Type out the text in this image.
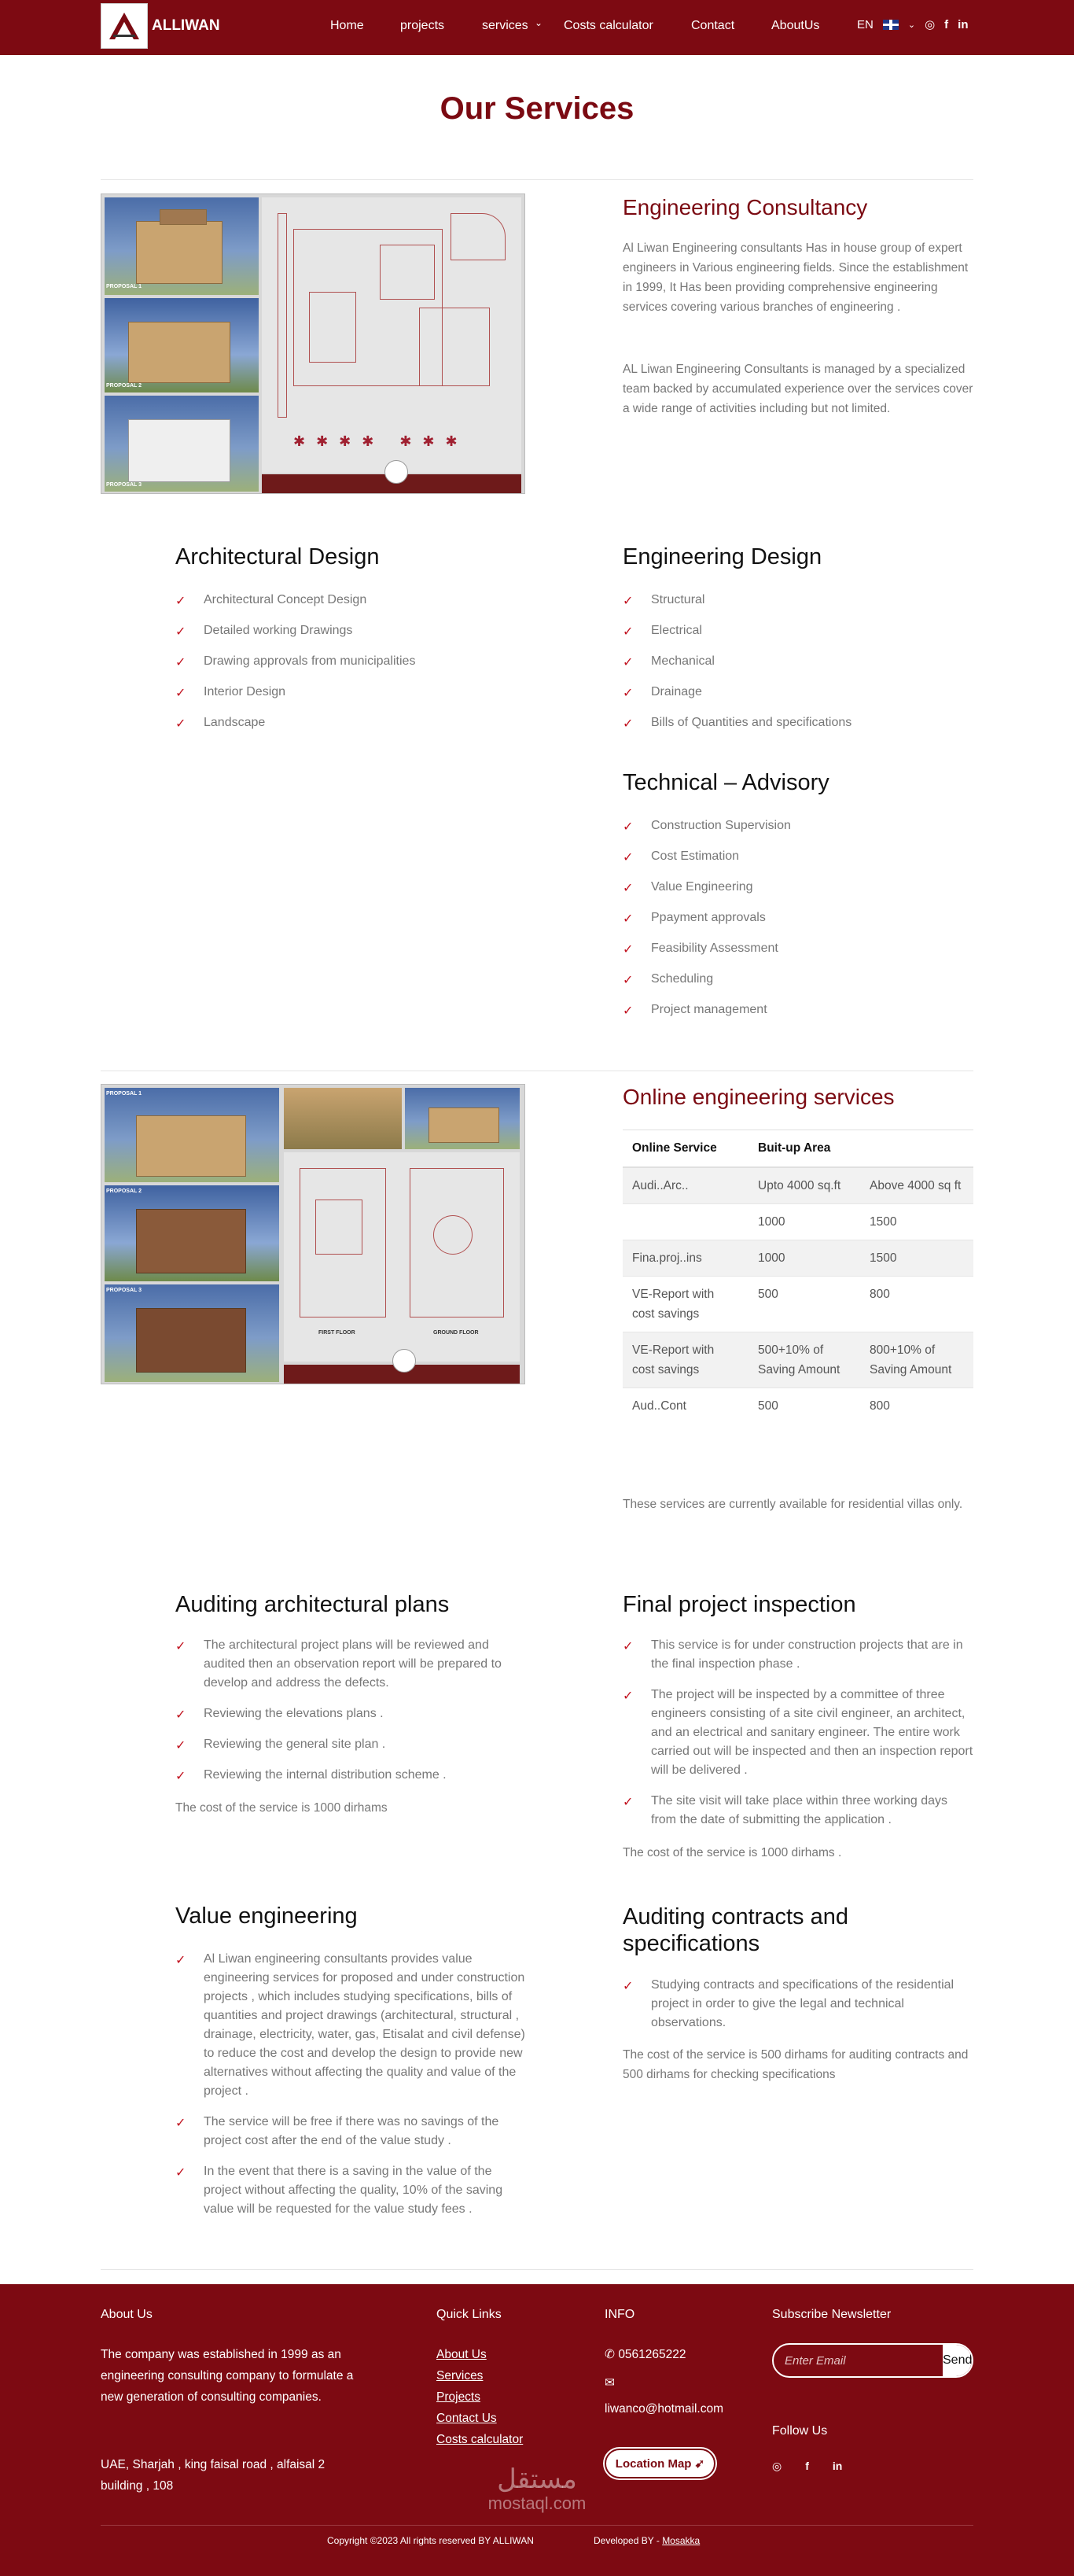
ALLIWAN	Home	projects	services ⌄ Costs calculator	Contact	AboutUs	EN	⌄ ◎ f in
Our Services
PROPOSAL 1
PROPOSAL 2
PROPOSAL 3
✱✱✱✱ ✱✱✱
Engineering Consultancy
Al Liwan Engineering consultants Has in house group of expert engineers in Various engineering fields. Since the establishment in 1999, It Has been providing comprehensive engineering services covering various branches of engineering .
AL Liwan Engineering Consultants is managed by a specialized team backed by accumulated experience over the services cover a wide range of activities including but not limited.
Architectural Design
✓ Architectural Concept Design
✓ Detailed working Drawings
✓ Drawing approvals from municipalities
✓ Interior Design
✓ Landscape
Engineering Design
✓ Structural
✓ Electrical
✓ Mechanical
✓ Drainage
✓ Bills of Quantities and specifications
Technical – Advisory
✓ Construction Supervision
✓ Cost Estimation
✓ Value Engineering
✓ Ppayment approvals
✓ Feasibility Assessment
✓ Scheduling
✓ Project management
PROPOSAL 1
PROPOSAL 2
PROPOSAL 3
FIRST FLOOR	GROUND FLOOR
Online engineering services
Online Service	Buit-up Area	
Audi..Arc..	Upto 4000 sq.ft	Above 4000 sq ft
	1000	1500
Fina.proj..ins	1000	1500
VE-Report with cost savings	500	800
VE-Report with cost savings	500+10% of Saving Amount	800+10% of Saving Amount
Aud..Cont	500	800
These services are currently available for residential villas only.
Auditing architectural plans
✓ The architectural project plans will be reviewed and audited then an observation report will be prepared to develop and address the defects.
✓ Reviewing the elevations plans .
✓ Reviewing the general site plan .
✓ Reviewing the internal distribution scheme .
The cost of the service is 1000 dirhams
Final project inspection
✓ This service is for under construction projects that are in the final inspection phase .
✓ The project will be inspected by a committee of three engineers consisting of a site civil engineer, an architect, and an electrical and sanitary engineer. The entire work carried out will be inspected and then an inspection report will be delivered .
✓ The site visit will take place within three working days from the date of submitting the application .
The cost of the service is 1000 dirhams .
Value engineering
✓ Al Liwan engineering consultants provides value engineering services for proposed and under construction projects , which includes studying specifications, bills of quantities and project drawings (architectural, structural , drainage, electricity, water, gas, Etisalat and civil defense) to reduce the cost and develop the design to provide new alternatives without affecting the quality and value of the project .
✓ The service will be free if there was no savings of the project cost after the end of the value study .
✓ In the event that there is a saving in the value of the project without affecting the quality, 10% of the saving value will be requested for the value study fees .
Auditing contracts and specifications
✓ Studying contracts and specifications of the residential project in order to give the legal and technical observations.
The cost of the service is 500 dirhams for auditing contracts and 500 dirhams for checking specifications
About Us
The company was established in 1999 as an engineering consulting company to formulate a new generation of consulting companies.
UAE, Sharjah , king faisal road , alfaisal 2 building , 108
Quick Links
About Us
Services
Projects
Contact Us
Costs calculator
INFO
✆ 0561265222
✉
liwanco@hotmail.com
Location Map ➹
Subscribe Newsletter
Enter Email
Send
Follow Us
◎ f in
مستقل
mostaql.com
Copyright ©2023 All rights reserved BY ALLIWAN	Developed BY - Mosakka
